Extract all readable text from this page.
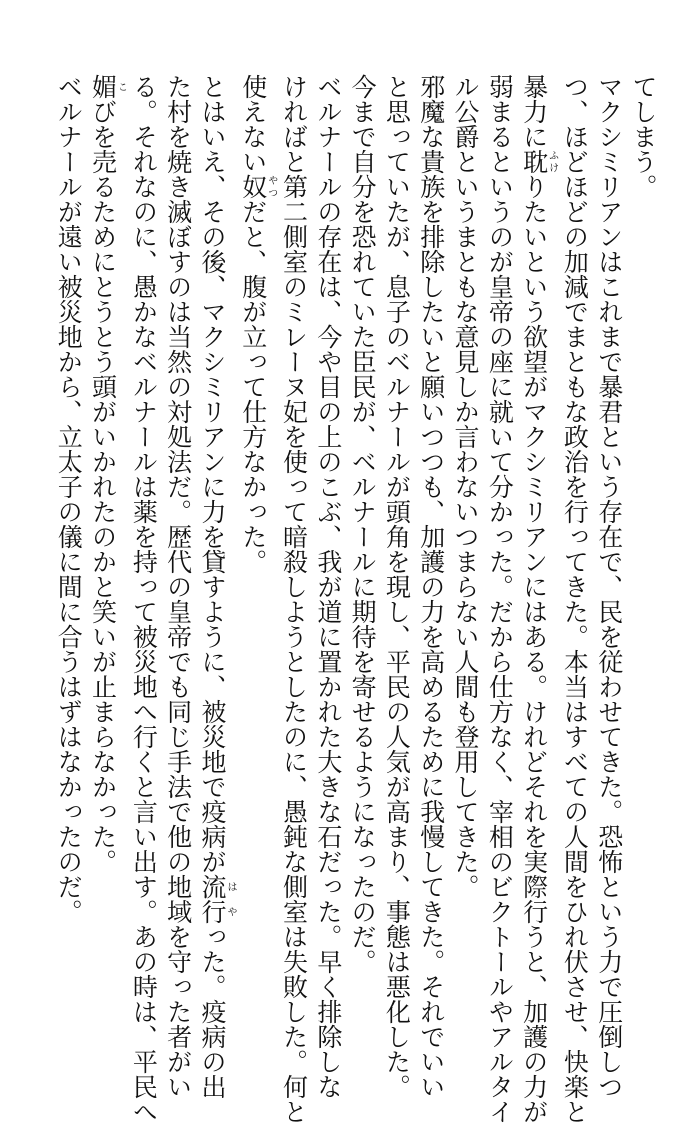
てしまう。

マクシミリアンはこれまで暴君という存在で、民を従わせてきた。恐怖という力で圧倒しつ

つ、ほどほどの加減でまともな政治を行ってきた。本当はすべての人間をひれ伏させ、快楽と

暴力に耽ふけりたいという欲望がマクシミリアンにはある。けれどそれを実際行うと、加護の力が

弱まるというのが皇帝の座に就いて分かった。だから仕方なく、宰相のビクトールやアルタイ

ル公爵というまともな意見しか言わないつまらない人間も登用してきた。

邪魔な貴族を排除したいと願いつつも、加護の力を高めるために我慢してきた。それでいい

と思っていたが、息子のベルナールが頭角を現し、平民の人気が高まり、事態は悪化した。

今まで自分を恐れていた臣民が、ベルナールに期待を寄せるようになったのだ。

ベルナールの存在は、今や目の上のこぶ、我が道に置かれた大きな石だった。早く排除しな

ければと第二側室のミレーヌ妃を使って暗殺しようとしたのに、愚鈍な側室は失敗した。何と

使えない奴やつだと、腹が立って仕方なかった。

とはいえ、その後、マクシミリアンに力を貸すように、被災地で疫病が流行はやった。疫病の出

た村を焼き滅ぼすのは当然の対処法だ。歴代の皇帝でも同じ手法で他の地域を守った者がい

る。それなのに、愚かなベルナールは薬を持って被災地へ行くと言い出す。あの時は、平民へ

媚こびを売るためにとうとう頭がいかれたのかと笑いが止まらなかった。

ベルナールが遠い被災地から、立太子の儀に間に合うはずはなかったのだ。
